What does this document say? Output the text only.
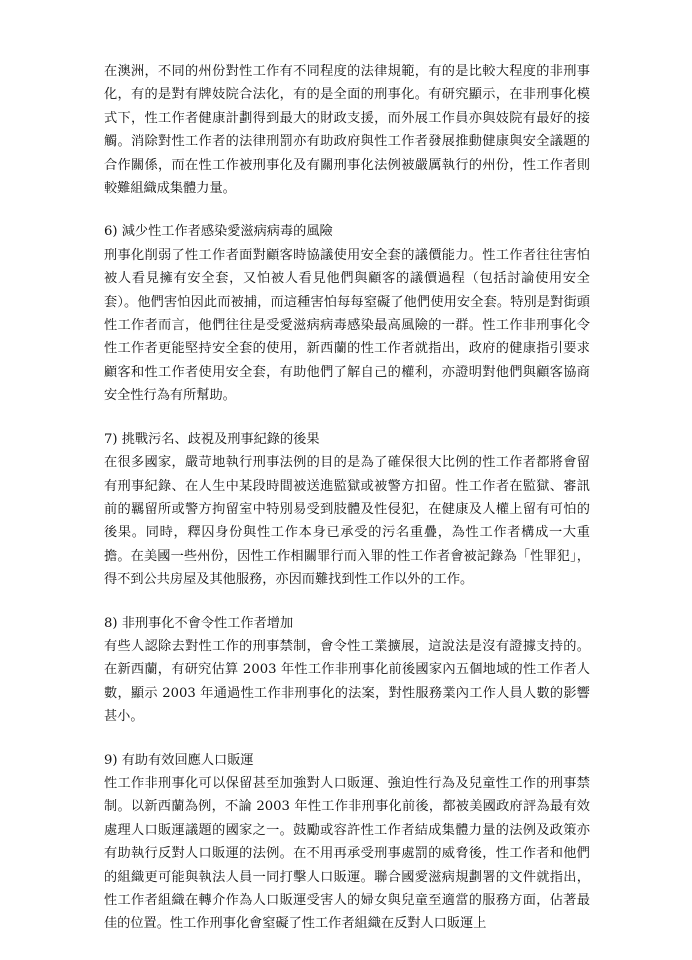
在澳洲，不同的州份對性工作有不同程度的法律規範，有的是比較大程度的非刑事化，有的是對有牌妓院合法化，有的是全面的刑事化。有研究顯示，在非刑事化模式下，性工作者健康計劃得到最大的財政支援，而外展工作員亦與妓院有最好的接觸。消除對性工作者的法律刑罰亦有助政府與性工作者發展推動健康與安全議題的合作關係，而在性工作被刑事化及有關刑事化法例被嚴厲執行的州份，性工作者則較難組織成集體力量。

6) 減少性工作者感染愛滋病病毒的風險

刑事化削弱了性工作者面對顧客時協議使用安全套的議價能力。性工作者往往害怕被人看見擁有安全套，又怕被人看見他們與顧客的議價過程（包括討論使用安全套）。他們害怕因此而被捕，而這種害怕每每窒礙了他們使用安全套。特別是對街頭性工作者而言，他們往往是受愛滋病病毒感染最高風險的一群。性工作非刑事化令性工作者更能堅持安全套的使用，新西蘭的性工作者就指出，政府的健康指引要求顧客和性工作者使用安全套，有助他們了解自己的權利，亦證明對他們與顧客協商安全性行為有所幫助。

7) 挑戰污名、歧視及刑事紀錄的後果

在很多國家，嚴苛地執行刑事法例的目的是為了確保很大比例的性工作者都將會留有刑事紀錄、在人生中某段時間被送進監獄或被警方扣留。性工作者在監獄、審訊前的羈留所或警方拘留室中特別易受到肢體及性侵犯，在健康及人權上留有可怕的後果。同時，釋囚身份與性工作本身已承受的污名重疊，為性工作者構成一大重擔。在美國一些州份，因性工作相關罪行而入罪的性工作者會被記錄為「性罪犯」，得不到公共房屋及其他服務，亦因而難找到性工作以外的工作。

8) 非刑事化不會令性工作者增加

有些人認除去對性工作的刑事禁制，會令性工業擴展，這說法是沒有證據支持的。在新西蘭，有研究估算 2003 年性工作非刑事化前後國家內五個地域的性工作者人數，顯示 2003 年通過性工作非刑事化的法案，對性服務業內工作人員人數的影響甚小。

9) 有助有效回應人口販運

性工作非刑事化可以保留甚至加強對人口販運、強迫性行為及兒童性工作的刑事禁制。以新西蘭為例，不論 2003 年性工作非刑事化前後，都被美國政府評為最有效處理人口販運議題的國家之一。鼓勵或容許性工作者結成集體力量的法例及政策亦有助執行反對人口販運的法例。在不用再承受刑事處罰的威脅後，性工作者和他們的組織更可能與執法人員一同打擊人口販運。聯合國愛滋病規劃署的文件就指出，性工作者組織在轉介作為人口販運受害人的婦女與兒童至適當的服務方面，佔著最佳的位置。性工作刑事化會窒礙了性工作者組織在反對人口販運上
